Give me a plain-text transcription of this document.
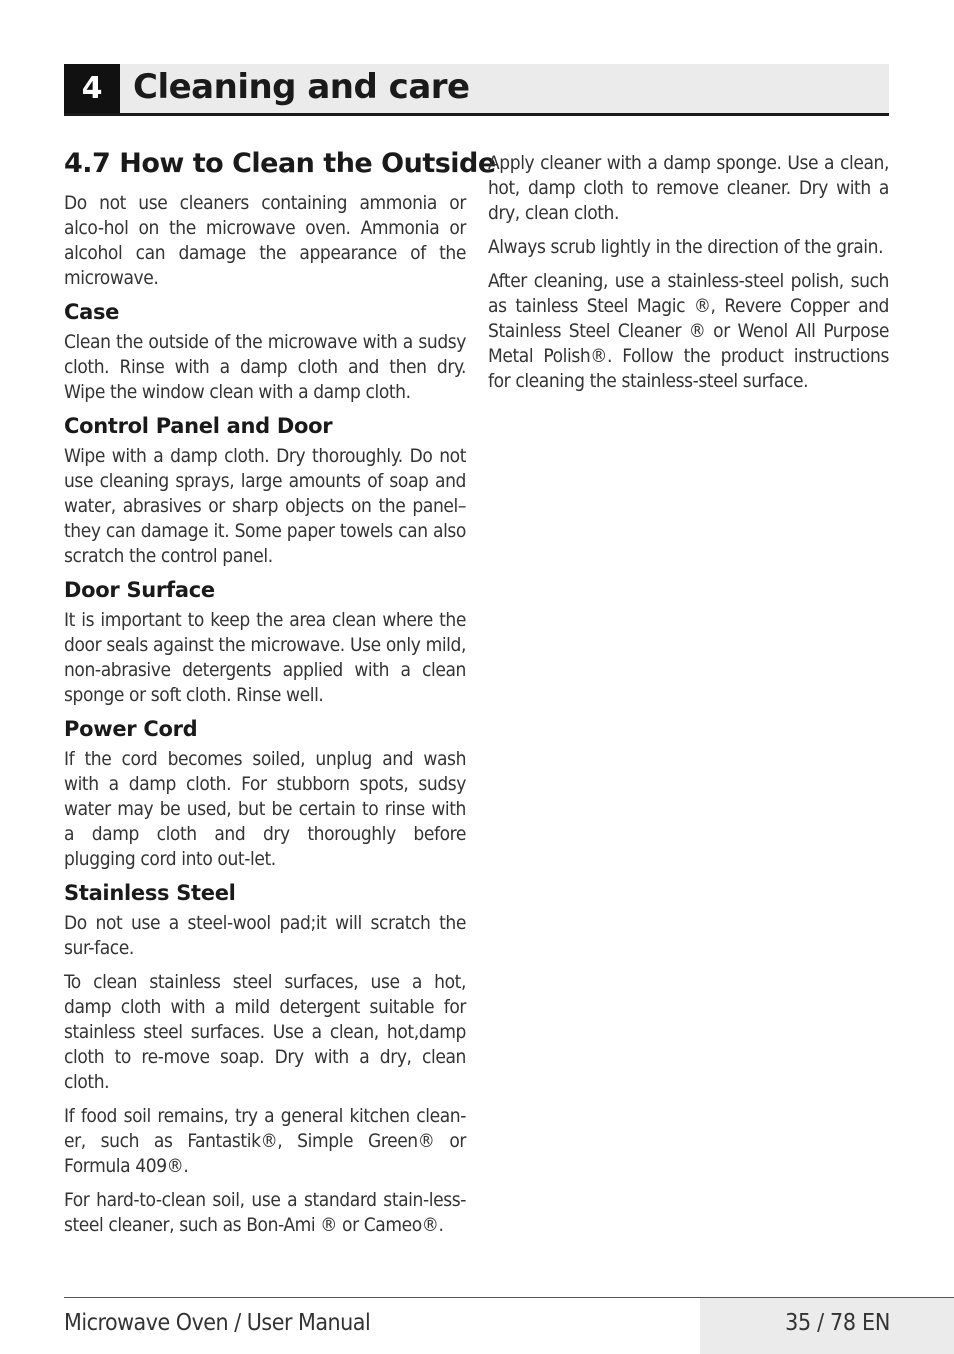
4 Cleaning and care
4.7 How to Clean the Outside

Do not use cleaners containing ammonia or alco-hol on the microwave oven. Ammonia or alcohol can damage the appearance of the microwave.

Case

Clean the outside of the microwave with a sudsy cloth. Rinse with a damp cloth and then dry. Wipe the window clean with a damp cloth.

Control Panel and Door

Wipe with a damp cloth. Dry thoroughly. Do not use cleaning sprays, large amounts of soap and water, abrasives or sharp objects on the panel–they can damage it. Some paper towels can also scratch the control panel.

Door Surface

It is important to keep the area clean where the door seals against the microwave. Use only mild, non-abrasive detergents applied with a clean sponge or soft cloth. Rinse well.

Power Cord

If the cord becomes soiled, unplug and wash with a damp cloth. For stubborn spots, sudsy water may be used, but be certain to rinse with a damp cloth and dry thoroughly before plugging cord into out-let.

Stainless Steel

Do not use a steel-wool pad;it will scratch the sur-face.

To clean stainless steel surfaces, use a hot, damp cloth with a mild detergent suitable for stainless steel surfaces. Use a clean, hot,damp cloth to re-move soap. Dry with a dry, clean cloth.

If food soil remains, try a general kitchen clean-er, such as Fantastik®, Simple Green® or Formula 409®.

For hard-to-clean soil, use a standard stain-less-steel cleaner, such as Bon-Ami ® or Cameo®.

Apply cleaner with a damp sponge. Use a clean, hot, damp cloth to remove cleaner. Dry with a dry, clean cloth.

Always scrub lightly in the direction of the grain.

After cleaning, use a stainless-steel polish, such as tainless Steel Magic ®, Revere Copper and Stainless Steel Cleaner ® or Wenol All Purpose Metal Polish®. Follow the product instructions for cleaning the stainless-steel surface.

Microwave Oven / User Manual	35 / 78 EN
